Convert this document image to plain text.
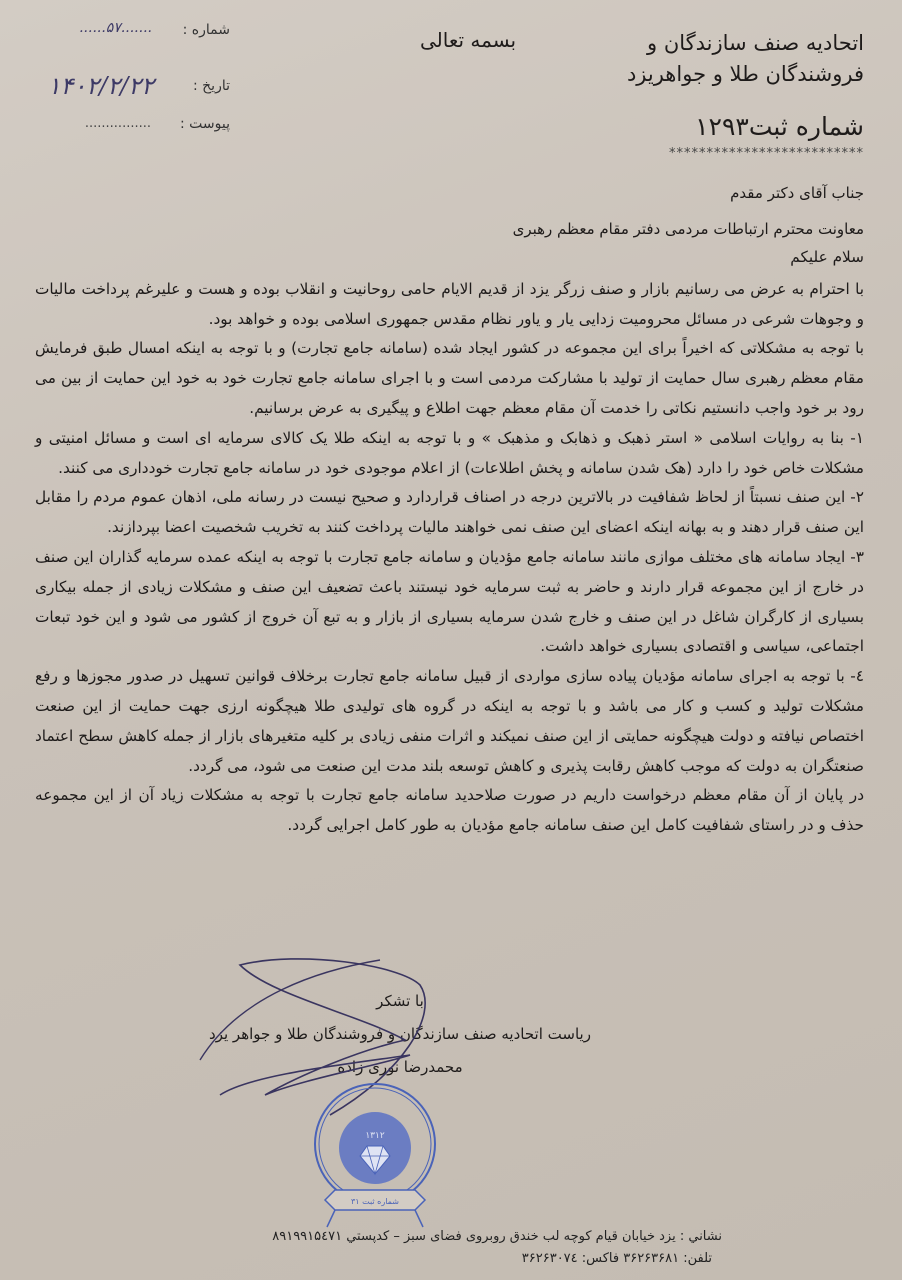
اتحادیه صنف سازندگان و
فروشندگان طلا و جواهریزد
بسمه تعالی
شماره ثبت۱۲۹۳
**************************
شماره :
......۵۷.......
تاریخ :
۱۴۰۲/۲/۲۲
پیوست :
................
جناب آقای دکتر مقدم
معاونت محترم ارتباطات مردمی دفتر مقام معظم رهبری

سلام علیکم

با احترام به عرض می رسانیم بازار و صنف زرگر یزد از قدیم الایام حامی روحانیت و انقلاب بوده و هست و علیرغم پرداخت مالیات و وجوهات شرعی در مسائل محرومیت زدایی یار و یاور نظام مقدس جمهوری اسلامی بوده و خواهد بود.

با توجه به مشکلاتی که اخیراً برای این مجموعه در کشور ایجاد شده (سامانه جامع تجارت) و با توجه به اینکه امسال طبق فرمایش مقام معظم رهبری سال حمایت از تولید با مشارکت مردمی است و با اجرای سامانه جامع تجارت خود به خود این حمایت از بین می رود بر خود واجب دانستیم نکاتی را خدمت آن مقام معظم جهت اطلاع و پیگیری به عرض برسانیم.

۱- بنا به روایات اسلامی « استر ذهبک و ذهابک و مذهبک » و با توجه به اینکه طلا یک کالای سرمایه ای است و مسائل امنیتی و مشکلات خاص خود را دارد (هک شدن سامانه و پخش اطلاعات) از اعلام موجودی خود در سامانه جامع تجارت خودداری می کنند.

۲- این صنف نسبتاً از لحاظ شفافیت در بالاترین درجه در اصناف قراردارد و صحیح نیست در رسانه ملی، اذهان عموم مردم را مقابل این صنف قرار دهند و به بهانه اینکه اعضای این صنف نمی خواهند مالیات پرداخت کنند به تخریب شخصیت اعضا بپردازند.

۳- ایجاد سامانه های مختلف موازی مانند سامانه جامع مؤدیان و سامانه جامع تجارت با توجه به اینکه عمده سرمایه گذاران این صنف در خارج از این مجموعه قرار دارند و حاضر به ثبت سرمایه خود نیستند باعث تضعیف این صنف و مشکلات زیادی از جمله بیکاری بسیاری از کارگران شاغل در این صنف و خارج شدن سرمایه بسیاری از بازار و به تبع آن خروج از کشور می شود و این خود تبعات اجتماعی، سیاسی و اقتصادی بسیاری خواهد داشت.

٤- با توجه به اجرای سامانه مؤدیان پیاده سازی مواردی از قبیل سامانه جامع تجارت برخلاف قوانین تسهیل در صدور مجوزها و رفع مشکلات تولید و کسب و کار می باشد و با توجه به اینکه در گروه های تولیدی طلا هیچگونه ارزی جهت حمایت از این صنعت اختصاص نیافته و دولت هیچگونه حمایتی از این صنف نمیکند و اثرات منفی زیادی بر کلیه متغیرهای بازار از جمله کاهش سطح اعتماد صنعتگران به دولت که موجب کاهش رقابت پذیری و کاهش توسعه بلند مدت این صنعت می شود، می گردد.

در پایان از آن مقام معظم درخواست داریم در صورت صلاحدید سامانه جامع تجارت با توجه به مشکلات زیاد آن از این مجموعه حذف و در راستای شفافیت کامل این صنف سامانه جامع مؤدیان به طور کامل اجرایی گردد.

با تشکر
ریاست اتحادیه صنف سازندگان و فروشندگان طلا و جواهر یزد
محمدرضا نوری زاده
۱۳۱۲
شماره ثبت ۳۱
نشاني : يزد خيابان قيام كوچه لب خندق روبروی فضای سبز – کدپستي ۸۹۱۹۹۱۵٤۷۱
تلفن: ۳۶۲۶۳۶۸۱ فاکس: ۳۶۲۶۳۰۷٤
